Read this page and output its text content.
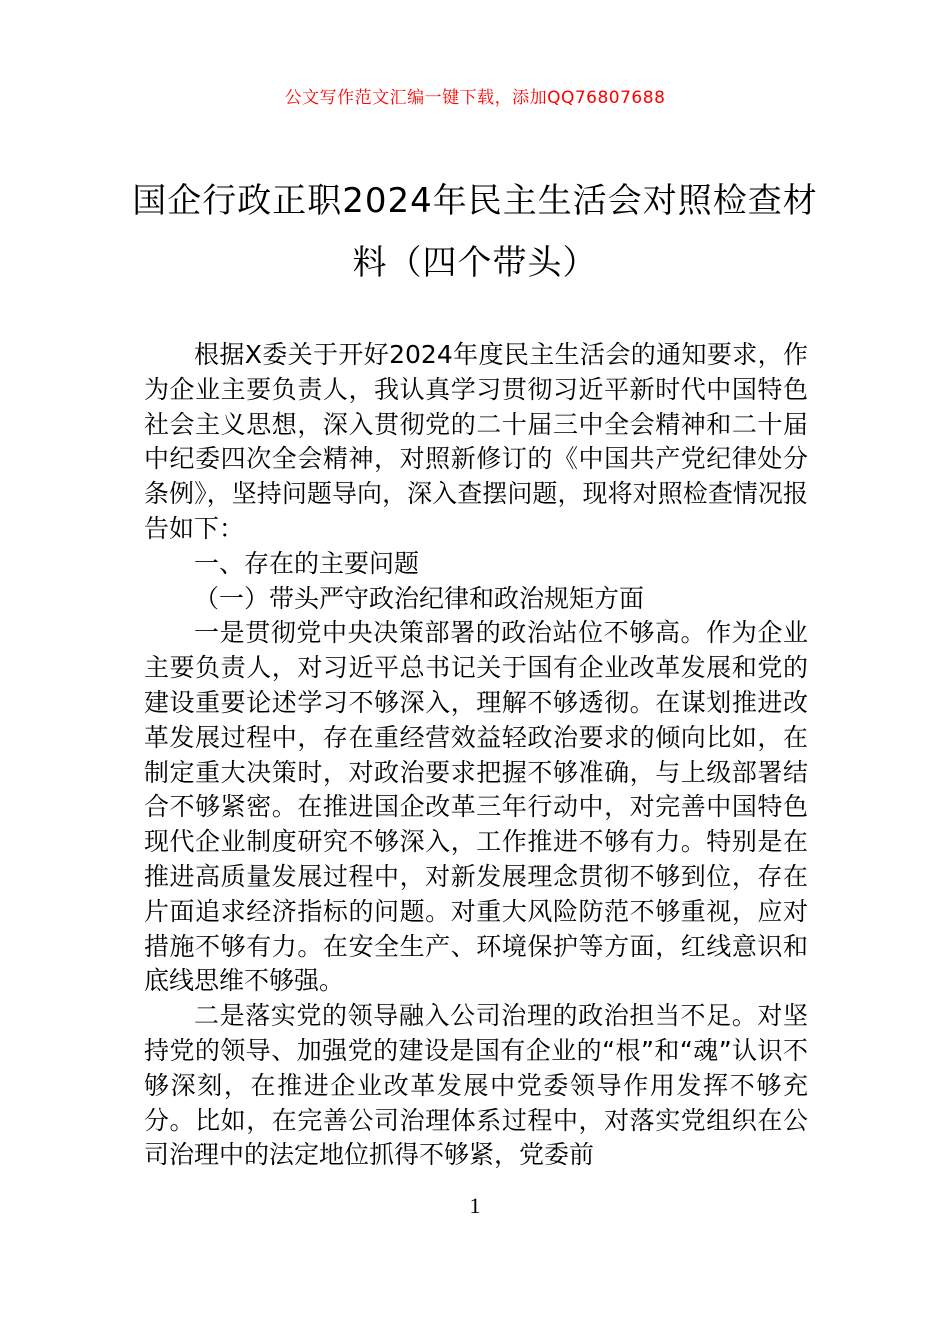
公文写作范文汇编一键下载，添加QQ76807688
国企行政正职2024年民主生活会对照检查材料（四个带头）

根据X委关于开好2024年度民主生活会的通知要求，作为企业主要负责人，我认真学习贯彻习近平新时代中国特色社会主义思想，深入贯彻党的二十届三中全会精神和二十届中纪委四次全会精神，对照新修订的《中国共产党纪律处分条例》，坚持问题导向，深入查摆问题，现将对照检查情况报告如下：

一、存在的主要问题

（一）带头严守政治纪律和政治规矩方面

一是贯彻党中央决策部署的政治站位不够高。作为企业主要负责人，对习近平总书记关于国有企业改革发展和党的建设重要论述学习不够深入，理解不够透彻。在谋划推进改革发展过程中，存在重经营效益轻政治要求的倾向比如，在制定重大决策时，对政治要求把握不够准确，与上级部署结合不够紧密。在推进国企改革三年行动中，对完善中国特色现代企业制度研究不够深入，工作推进不够有力。特别是在推进高质量发展过程中，对新发展理念贯彻不够到位，存在片面追求经济指标的问题。对重大风险防范不够重视，应对措施不够有力。在安全生产、环境保护等方面，红线意识和底线思维不够强。

二是落实党的领导融入公司治理的政治担当不足。对坚持党的领导、加强党的建设是国有企业的“根”和“魂”认识不够深刻，在推进企业改革发展中党委领导作用发挥不够充分。比如，在完善公司治理体系过程中，对落实党组织在公司治理中的法定地位抓得不够紧，党委前

1
